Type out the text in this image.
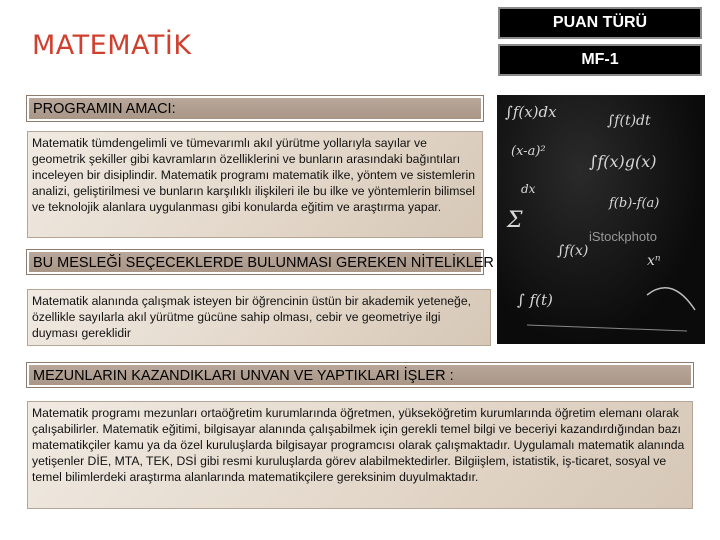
MATEMATİK
PUAN TÜRÜ
MF-1
PROGRAMIN AMACI:
Matematik tümdengelimli ve tümevarımlı akıl yürütme yollarıyla sayılar ve geometrik şekiller gibi kavramların özelliklerini ve bunların arasındaki bağıntıları inceleyen bir disiplindir. Matematik programı matematik ilke, yöntem ve sistemlerin analizi, geliştirilmesi ve bunların karşılıklı ilişkileri ile bu ilke ve yöntemlerin bilimsel ve teknolojik alanlara uygulanması gibi konularda eğitim ve araştırma yapar.
BU MESLEĞİ SEÇECEKLERDE BULUNMASI GEREKEN NİTELİKLER
Matematik alanında çalışmak isteyen bir öğrencinin üstün bir akademik yeteneğe, özellikle sayılarla akıl yürütme gücüne sahip olması, cebir ve geometriye ilgi duyması gereklidir
∫f(x)dx	∫f(t)dt
(x-a)²
∫f(x)g(x)
dx
f(b)-f(a)
Σ
∫f(x)
xⁿ
∫ f(t)
iStockphoto
MEZUNLARIN KAZANDIKLARI UNVAN VE YAPTIKLARI İŞLER :
Matematik programı mezunları ortaöğretim kurumlarında öğretmen, yükseköğretim kurumlarında öğretim elemanı olarak çalışabilirler. Matematik eğitimi, bilgisayar alanında çalışabilmek için gerekli temel bilgi ve beceriyi kazandırdığından bazı matematikçiler kamu ya da özel kuruluşlarda bilgisayar programcısı olarak çalışmaktadır. Uygulamalı matematik alanında yetişenler DİE, MTA, TEK, DSİ gibi resmi kuruluşlarda görev alabilmektedirler. Bilgiişlem, istatistik, iş-ticaret, sosyal ve temel bilimlerdeki araştırma alanlarında matematikçilere gereksinim duyulmaktadır.
